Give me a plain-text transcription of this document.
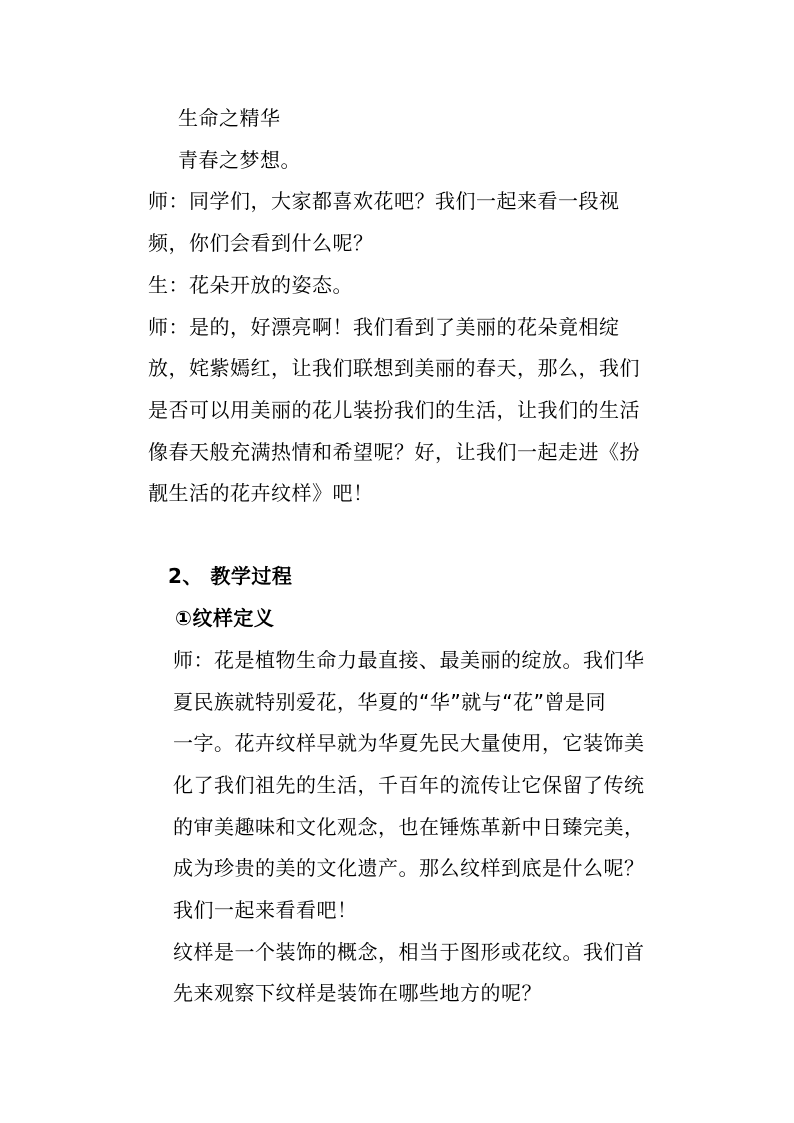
生命之精华
青春之梦想。
师：同学们，大家都喜欢花吧？我们一起来看一段视
频，你们会看到什么呢？
生：花朵开放的姿态。
师：是的，好漂亮啊！我们看到了美丽的花朵竟相绽
放，姹紫嫣红，让我们联想到美丽的春天，那么，我们
是否可以用美丽的花儿装扮我们的生活，让我们的生活
像春天般充满热情和希望呢？好，让我们一起走进《扮
靓生活的花卉纹样》吧！
2、 教学过程
①纹样定义
师：花是植物生命力最直接、最美丽的绽放。我们华
夏民族就特别爱花，华夏的“华”就与“花”曾是同
一字。花卉纹样早就为华夏先民大量使用，它装饰美
化了我们祖先的生活，千百年的流传让它保留了传统
的审美趣味和文化观念，也在锤炼革新中日臻完美，
成为珍贵的美的文化遗产。那么纹样到底是什么呢？
我们一起来看看吧！
纹样是一个装饰的概念，相当于图形或花纹。我们首
先来观察下纹样是装饰在哪些地方的呢？
